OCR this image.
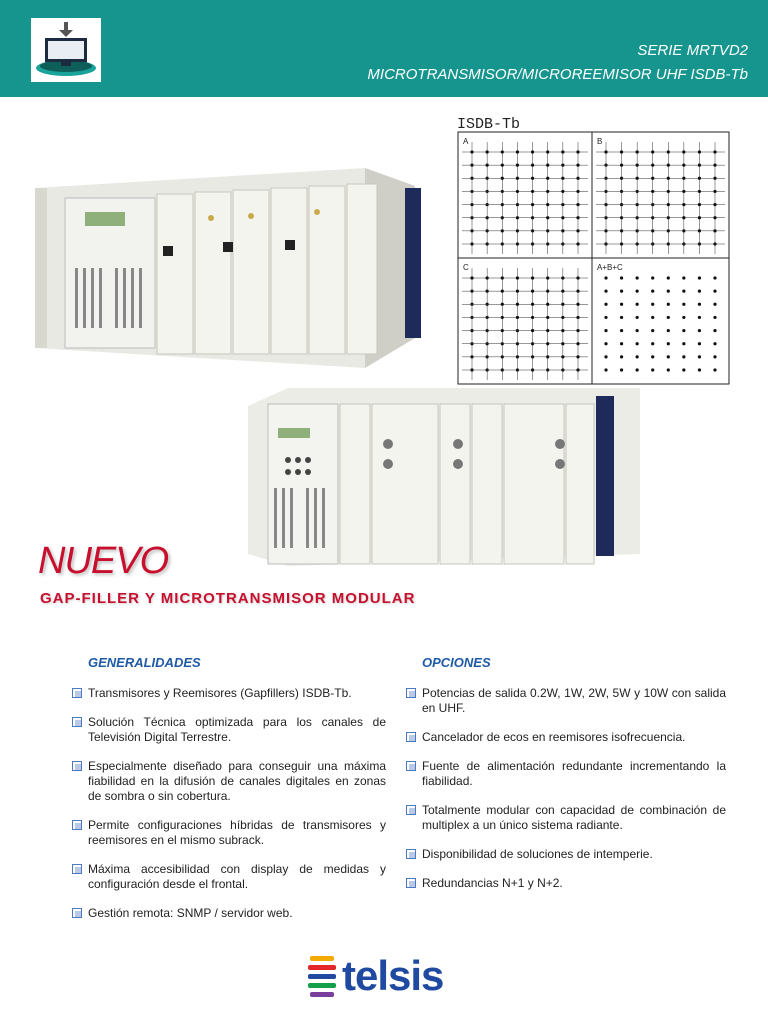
SERIE MRTVD2
MICROTRANSMISOR/MICROREEMISOR UHF ISDB-Tb
ISDB-Tb
A	B
C	A+B+C
NUEVO
GAP-FILLER Y MICROTRANSMISOR MODULAR
GENERALIDADES
Transmisores y Reemisores (Gapfillers) ISDB-Tb.
Solución Técnica optimizada para los canales de Televisión Digital Terrestre.
Especialmente diseñado para conseguir una máxima fiabilidad en la difusión de canales digitales en zonas de sombra o sin cobertura.
Permite configuraciones híbridas de transmisores y reemisores en el mismo subrack.
Máxima accesibilidad con display de medidas y configuración desde el frontal.
Gestión remota: SNMP / servidor web.
OPCIONES
Potencias de salida 0.2W, 1W, 2W, 5W y 10W con salida en UHF.
Cancelador de ecos en reemisores isofrecuencia.
Fuente de alimentación redundante incrementando la fiabilidad.
Totalmente modular con capacidad de combinación de multiplex a un único sistema radiante.
Disponibilidad de soluciones de intemperie.
Redundancias N+1 y N+2.
telsis
